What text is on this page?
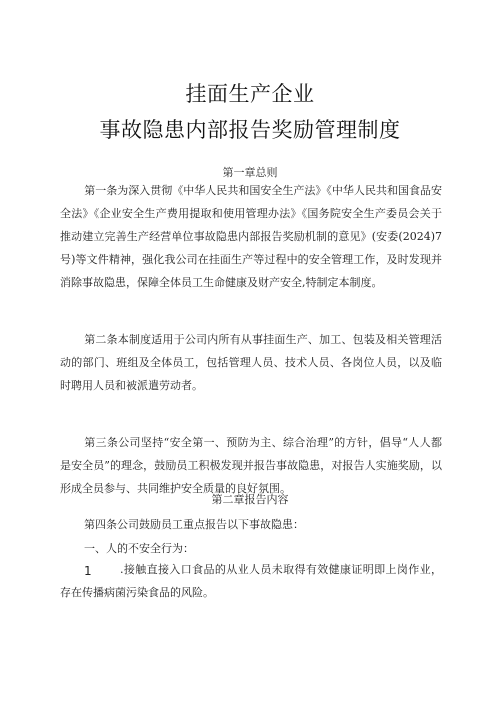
挂面生产企业
事故隐患内部报告奖励管理制度
第一章总则

第一条为深入贯彻《中华人民共和国安全生产法》《中华人民共和国食品安全法》《企业安全生产费用提取和使用管理办法》《国务院安全生产委员会关于推动建立完善生产经营单位事故隐患内部报告奖励机制的意见》(安委(2024)7号)等文件精神，强化我公司在挂面生产等过程中的安全管理工作，及时发现并消除事故隐患，保障全体员工生命健康及财产安全,特制定本制度。

第二条本制度适用于公司内所有从事挂面生产、加工、包装及相关管理活动的部门、班组及全体员工，包括管理人员、技术人员、各岗位人员，以及临时聘用人员和被派遣劳动者。

第三条公司坚持“安全第一、预防为主、综合治理”的方针，倡导“人人都是安全员”的理念，鼓励员工积极发现并报告事故隐患，对报告人实施奖励，以形成全员参与、共同维护安全质量的良好氛围。

第二章报告内容
第四条公司鼓励员工重点报告以下事故隐患：
一、人的不安全行为：
1	.接触直接入口食品的从业人员未取得有效健康证明即上岗作业，存在传播病菌污染食品的风险。
